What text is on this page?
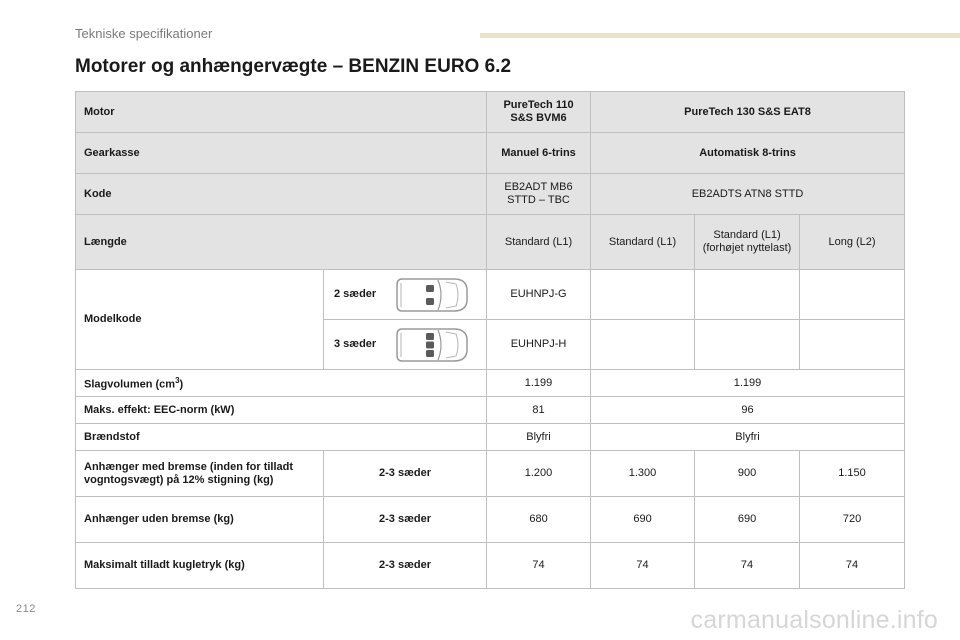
Tekniske specifikationer
Motorer og anhængervægte – BENZIN EURO 6.2
Motor		PureTech 110 S&S BVM6	PureTech 130 S&S EAT8		
Gearkasse		Manuel 6-trins	Automatisk 8-trins		
Kode		EB2ADT MB6 STTD – TBC	EB2ADTS ATN8 STTD		
Længde		Standard (L1)	Standard (L1)	Standard (L1) (forhøjet nyttelast)	Long (L2)
Modelkode	2 sæder	EUHNPJ-G			

	3 sæder	EUHNPJ-H			
Slagvolumen $(cm^3)$		1.199	1.199		
Maks. effekt: EEC-norm (kW)		81	96		
Brændstof		Blyfri	Blyfri		
Anhænger med bremse (inden for tilladt vogntogsvægt) på 12% stigning (kg)	2-3 sæder	1.200	1.300	900	1.150
Anhænger uden bremse (kg)	2-3 sæder	680	690	690	720
Maksimalt tilladt kugletryk (kg)	2-3 sæder	74	74	74	74
212	carmanualsonline.info
